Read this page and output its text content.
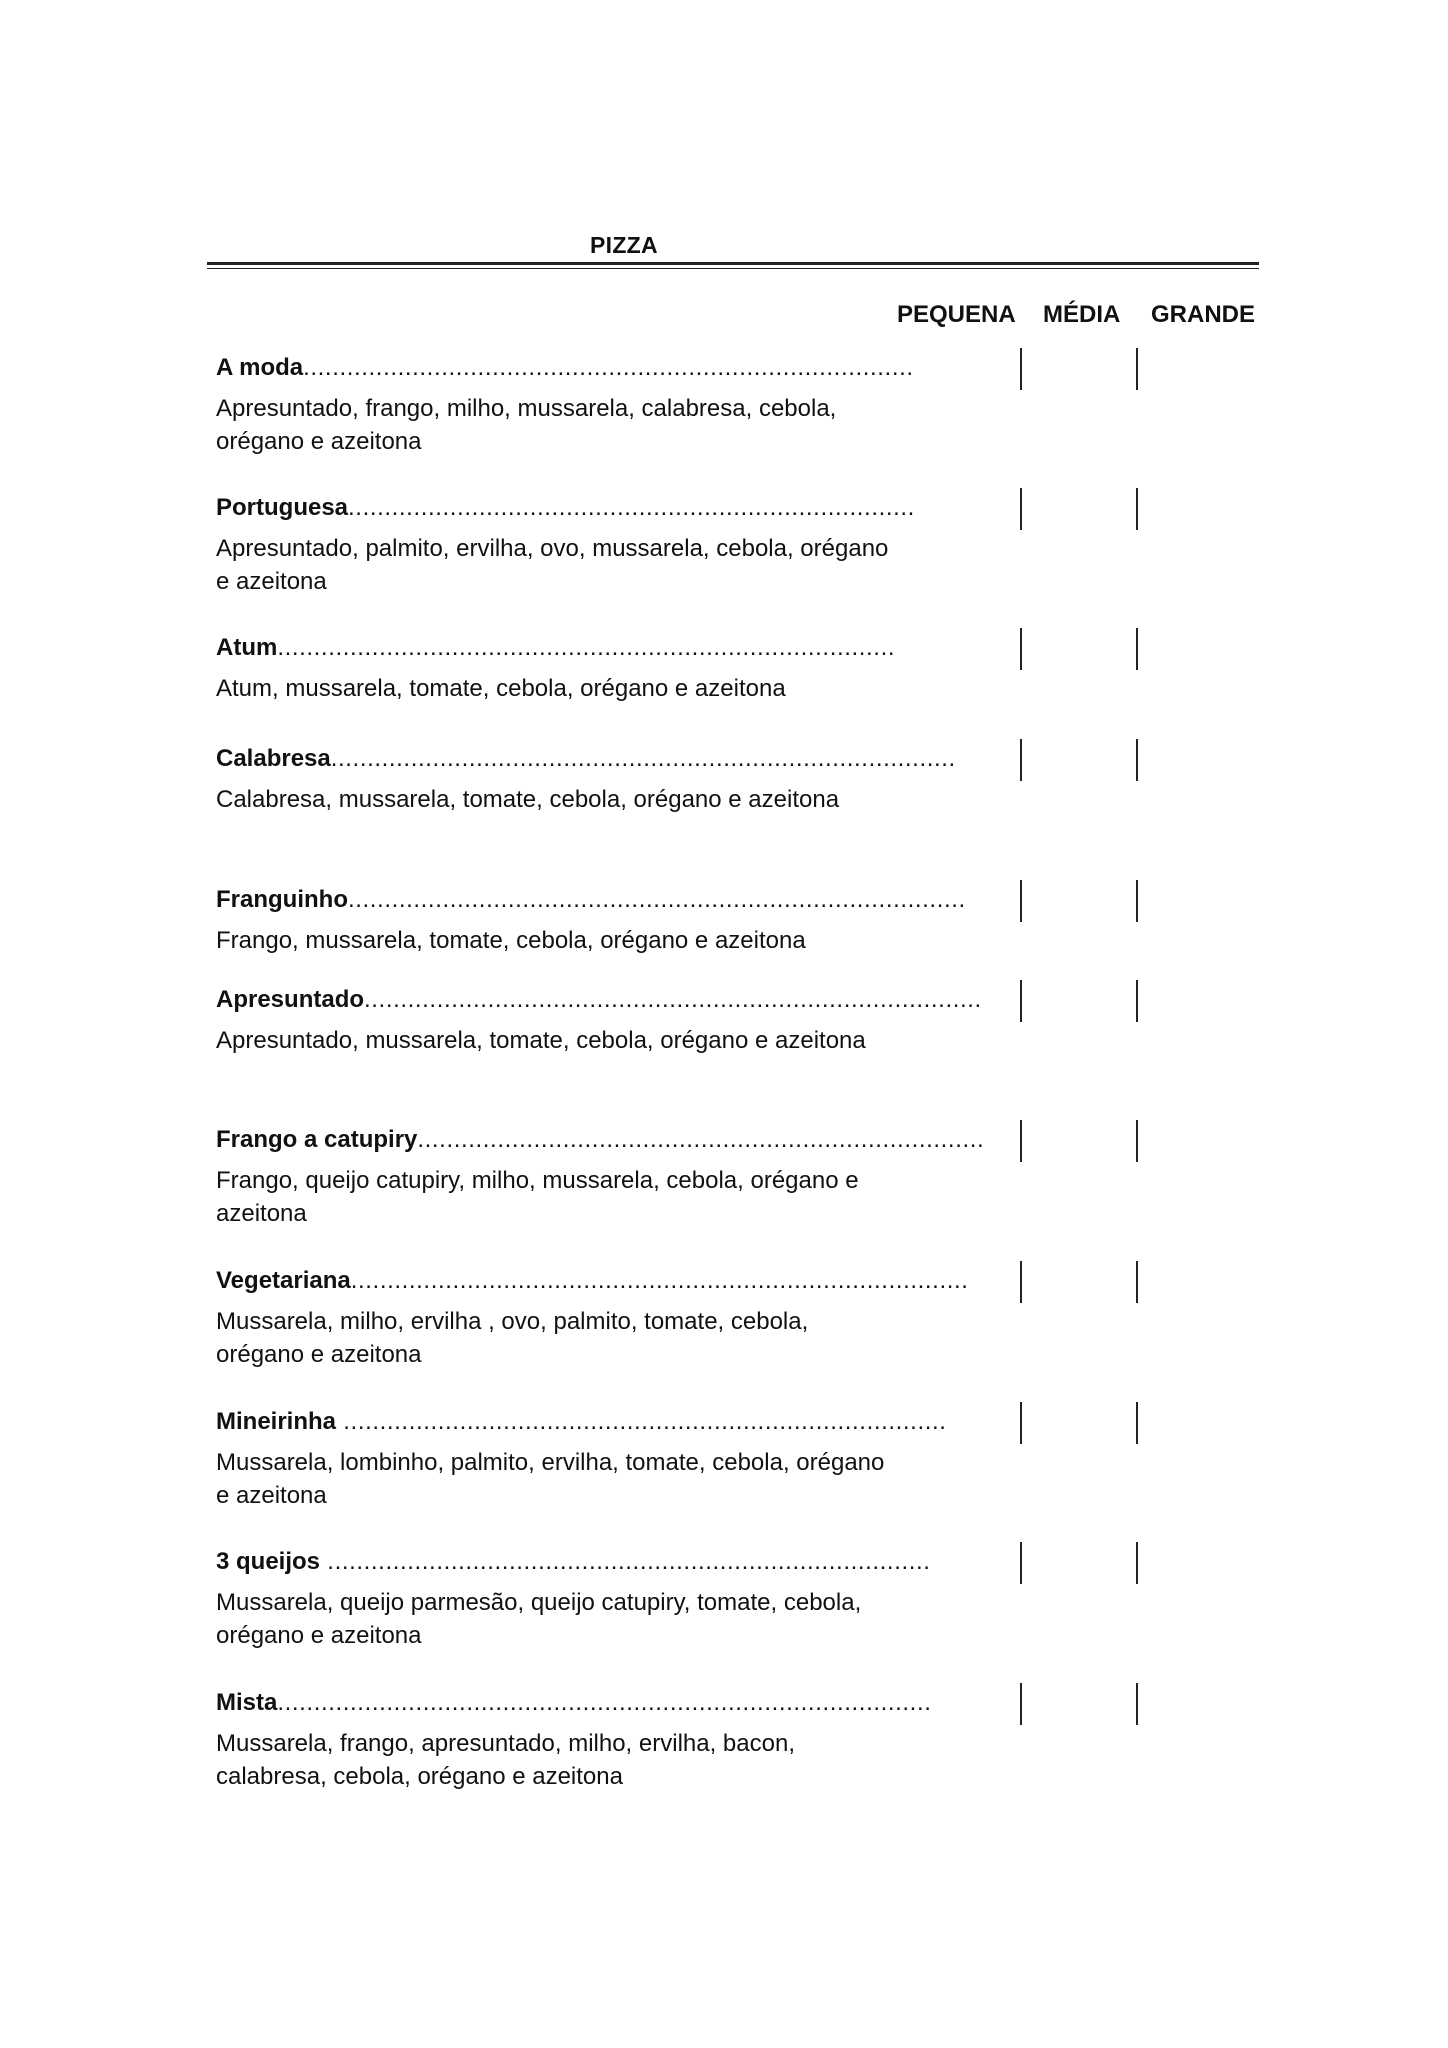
PIZZA
PEQUENA MÉDIA GRANDE
A moda....................................................................................
Apresuntado, frango, milho, mussarela, calabresa, cebola, orégano e azeitona
Portuguesa..............................................................................
Apresuntado, palmito, ervilha, ovo, mussarela, cebola, orégano e azeitona
Atum.....................................................................................
Atum, mussarela, tomate, cebola, orégano e azeitona
Calabresa......................................................................................
Calabresa, mussarela, tomate, cebola, orégano e azeitona
Franguinho.....................................................................................
Frango, mussarela, tomate, cebola, orégano e azeitona
Apresuntado.....................................................................................
Apresuntado, mussarela, tomate, cebola, orégano e azeitona
Frango a catupiry..............................................................................
Frango, queijo catupiry, milho, mussarela, cebola, orégano e azeitona
Vegetariana.....................................................................................
Mussarela, milho, ervilha , ovo, palmito, tomate, cebola, orégano e azeitona
Mineirinha ...................................................................................
Mussarela, lombinho, palmito, ervilha, tomate, cebola, orégano e azeitona
3 queijos ...................................................................................
Mussarela, queijo parmesão, queijo catupiry, tomate, cebola, orégano e azeitona
Mista..........................................................................................
Mussarela, frango, apresuntado, milho, ervilha, bacon, calabresa, cebola, orégano e azeitona
